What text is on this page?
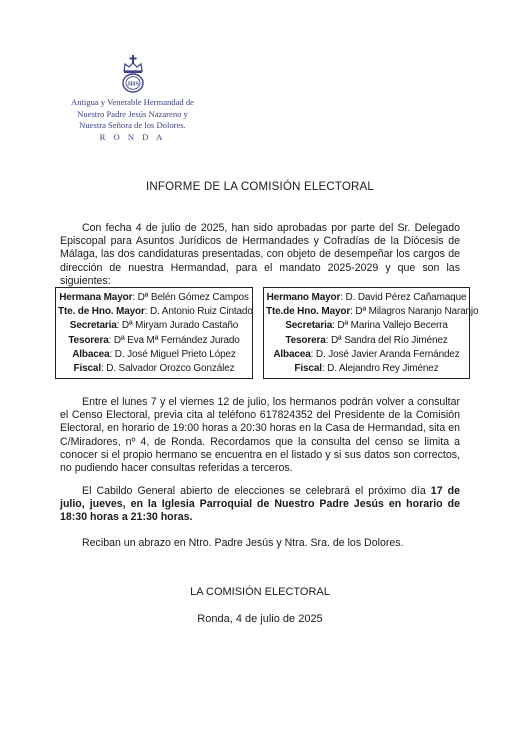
JHS
Antigua y Venerable Hermandad de
Nuestro Padre Jesús Nazareno y
Nuestra Señora de los Dolores.
R O N D A
INFORME DE LA COMISIÓN ELECTORAL

Con fecha 4 de julio de 2025, han sido aprobadas por parte del Sr. Delegado Episcopal para Asuntos Jurídicos de Hermandades y Cofradías de la Diócesis de Málaga, las dos candidaturas presentadas, con objeto de desempeñar los cargos de dirección de nuestra Hermandad, para el mandato 2025-2029 y que son las siguientes:

Hermana Mayor: Dª Belén Gómez Campos
Tte. de Hno. Mayor: D. Antonio Ruiz Cintado
Secretaria: Dª Miryam Jurado Castaño
Tesorera: Dª Eva Mª Fernández Jurado
Albacea: D. José Miguel Prieto López
Fiscal: D. Salvador Orozco González
Hermano Mayor: D. David Pérez Cañamaque
Tte.de Hno. Mayor: Dª Milagros Naranjo Naranjo
Secretaria: Dª Marina Vallejo Becerra
Tesorera: Dª Sandra del Río Jiménez
Albacea: D. José Javier Aranda Fernández
Fiscal: D. Alejandro Rey Jiménez

Entre el lunes 7 y el viernes 12 de julio, los hermanos podrán volver a consultar el Censo Electoral, previa cita al teléfono 617824352 del Presidente de la Comisión Electoral, en horario de 19:00 horas a 20:30 horas en la Casa de Hermandad, sita en C/Miradores, nº 4, de Ronda. Recordamos que la consulta del censo se limita a conocer si el propio hermano se encuentra en el listado y si sus datos son correctos, no pudiendo hacer consultas referidas a terceros.

El Cabildo General abierto de elecciones se celebrará el próximo día 17 de julio, jueves, en la Iglesia Parroquial de Nuestro Padre Jesús en horario de 18:30 horas a 21:30 horas.

Reciban un abrazo en Ntro. Padre Jesús y Ntra. Sra. de los Dolores.

LA COMISIÓN ELECTORAL
Ronda, 4 de julio de 2025
